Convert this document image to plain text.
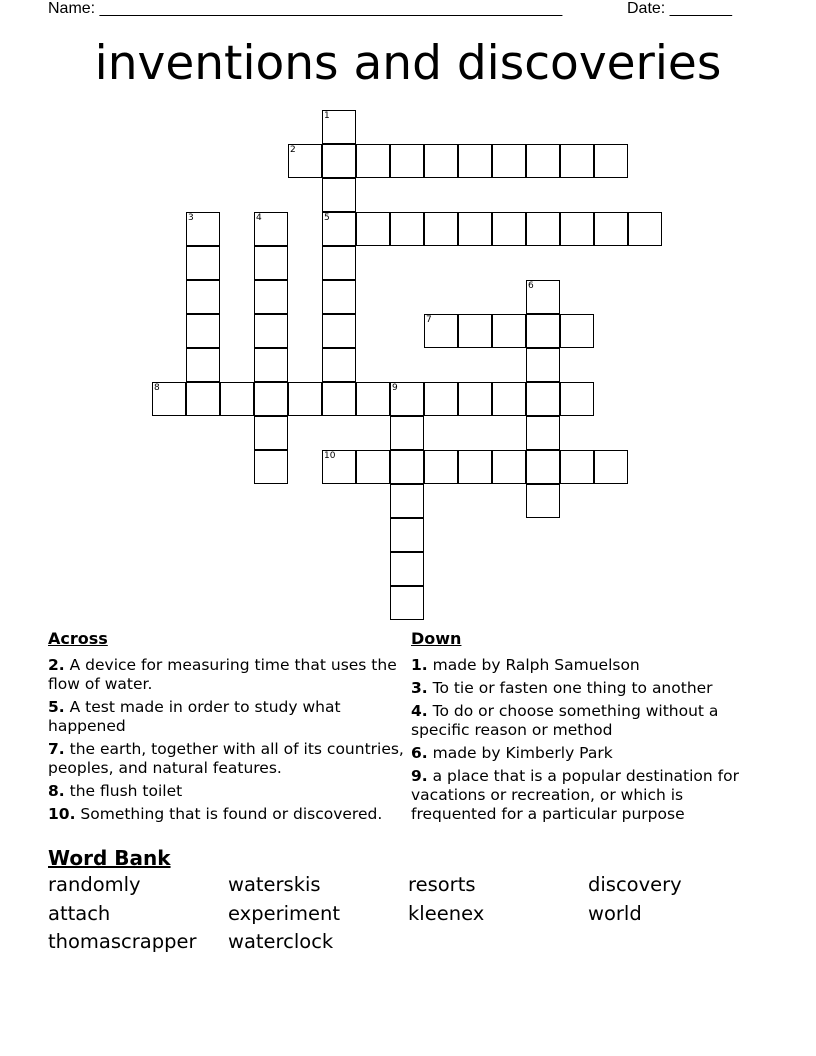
Name: ____________________________________________________	Date: _______
inventions and discoveries
2
5
7
8	9
10
1
3	4
6
Across
2. A device for measuring time that uses the flow of water.
5. A test made in order to study what happened
7. the earth, together with all of its countries, peoples, and natural features.
8. the flush toilet
10. Something that is found or discovered.
Down
1. made by Ralph Samuelson
3. To tie or fasten one thing to another
4. To do or choose something without a specific reason or method
6. made by Kimberly Park
9. a place that is a popular destination for vacations or recreation, or which is frequented for a particular purpose
Word Bank
randomly	waterskis	resorts	discovery
attach	experiment	kleenex	world
thomascrapper waterclock
